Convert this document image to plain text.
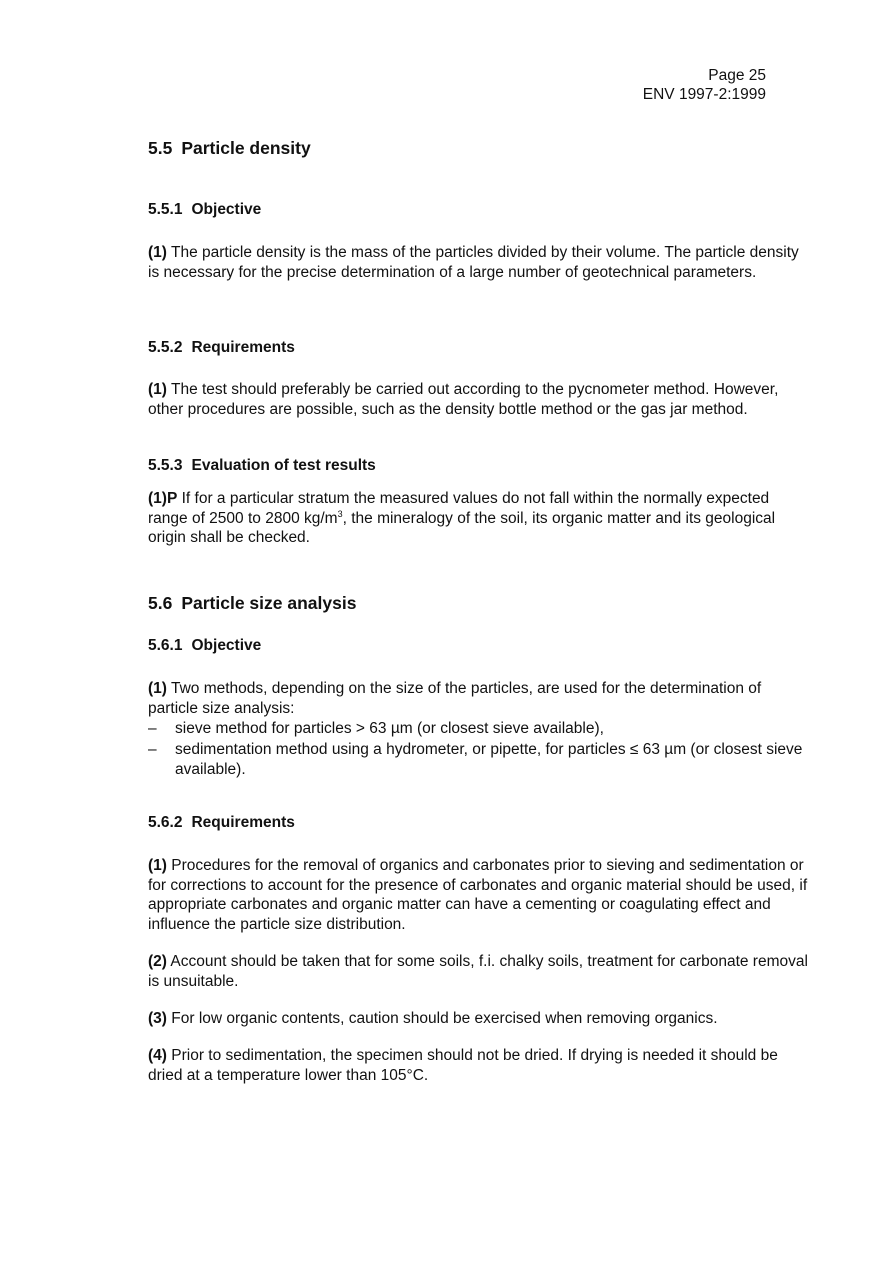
Page 25
ENV 1997-2:1999
5.5 Particle density
5.5.1 Objective
(1) The particle density is the mass of the particles divided by their volume. The particle density is necessary for the precise determination of a large number of geotechnical parameters.
5.5.2 Requirements
(1) The test should preferably be carried out according to the pycnometer method. However, other procedures are possible, such as the density bottle method or the gas jar method.
5.5.3 Evaluation of test results
(1)P If for a particular stratum the measured values do not fall within the normally expected range of 2500 to 2800 $kg/m^3$, the mineralogy of the soil, its organic matter and its geological origin shall be checked.
5.6 Particle size analysis
5.6.1 Objective
(1) Two methods, depending on the size of the particles, are used for the determination of particle size analysis:
– sieve method for particles > 63 µm (or closest sieve available),
– sedimentation method using a hydrometer, or pipette, for particles ≤ 63 µm (or closest sieve available).
5.6.2 Requirements
(1) Procedures for the removal of organics and carbonates prior to sieving and sedimentation or for corrections to account for the presence of carbonates and organic material should be used, if appropriate carbonates and organic matter can have a cementing or coagulating effect and influence the particle size distribution.
(2) Account should be taken that for some soils, f.i. chalky soils, treatment for carbonate removal is unsuitable.
(3) For low organic contents, caution should be exercised when removing organics.
(4) Prior to sedimentation, the specimen should not be dried. If drying is needed it should be dried at a temperature lower than 105°C.
